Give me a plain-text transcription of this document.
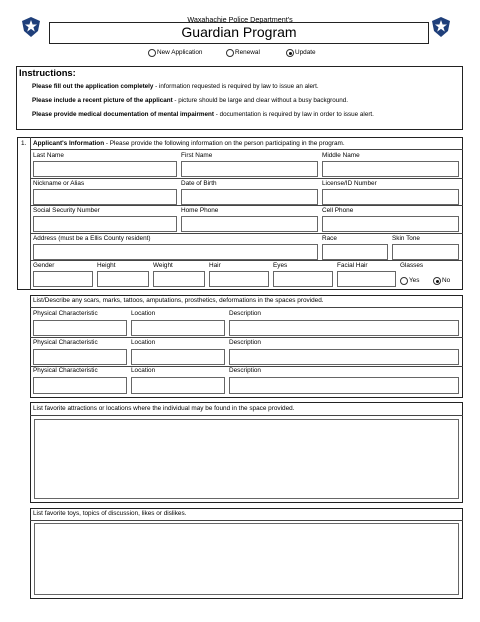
Waxahachie Police Department's
Guardian Program
New Application	Renewal	Update
Instructions:
Please fill out the application completely - information requested is required by law to issue an alert.
Please include a recent picture of the applicant - picture should be large and clear without a busy background.
Please provide medical documentation of mental impairment - documentation is required by law in order to issue alert.
1. Applicant's Information - Please provide the following information on the person participating in the program.
Last Name	First Name	Middle Name
Nickname or Alias	Date of Birth	License/ID Number
Social Security Number	Home Phone	Cell Phone
Address (must be a Ellis County resident)	Race	Skin Tone
Gender	Height	Weight	Hair	Eyes	Facial Hair	Glasses
Yes	No
List/Describe any scars, marks, tattoos, amputations, prosthetics, deformations in the spaces provided.
Physical Characteristic	Location	Description
Physical Characteristic	Location	Description
Physical Characteristic	Location	Description
List favorite attractions or locations where the individual may be found in the space provided.
List favorite toys, topics of discussion, likes or dislikes.
